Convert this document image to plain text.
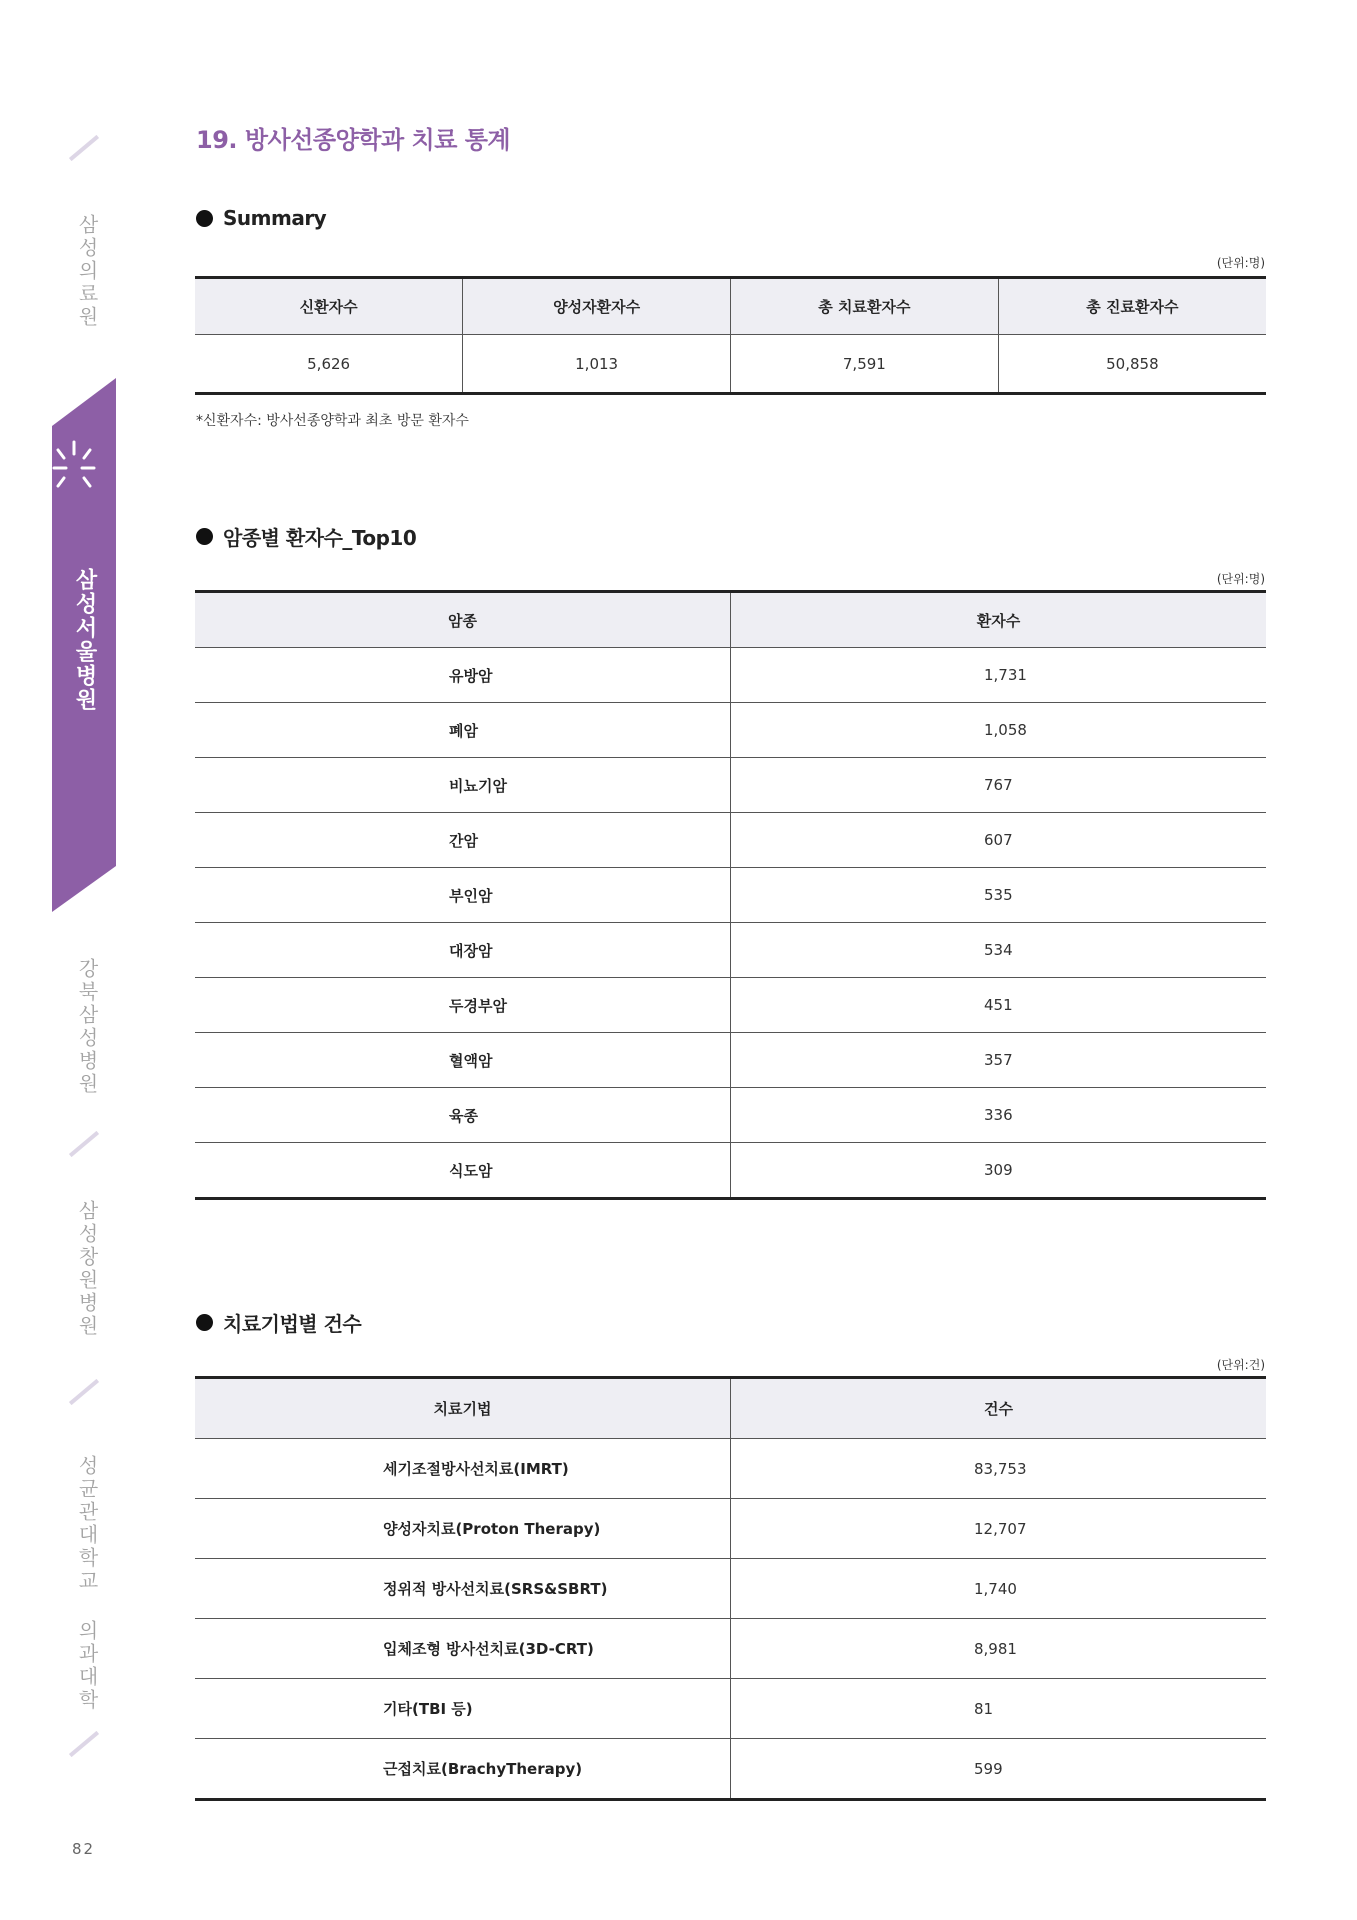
삼성의료원
삼성서울병원
강북삼성병원
삼성창원병원
성균관대학교 의과대학
82
19. 방사선종양학과 치료 통계
Summary
(단위:명)
신환자수	양성자환자수	총 치료환자수	총 진료환자수
5,626	1,013	7,591	50,858
*신환자수: 방사선종양학과 최초 방문 환자수
암종별 환자수_Top10
(단위:명)
암종	환자수
유방암	1,731
폐암	1,058
비뇨기암	767
간암	607
부인암	535
대장암	534
두경부암	451
혈액암	357
육종	336
식도암	309
치료기법별 건수
(단위:건)
치료기법	건수
세기조절방사선치료(IMRT)	83,753
양성자치료(Proton Therapy)	12,707
정위적 방사선치료(SRS&SBRT)	1,740
입체조형 방사선치료(3D-CRT)	8,981
기타(TBI 등)	81
근접치료(BrachyTherapy)	599
